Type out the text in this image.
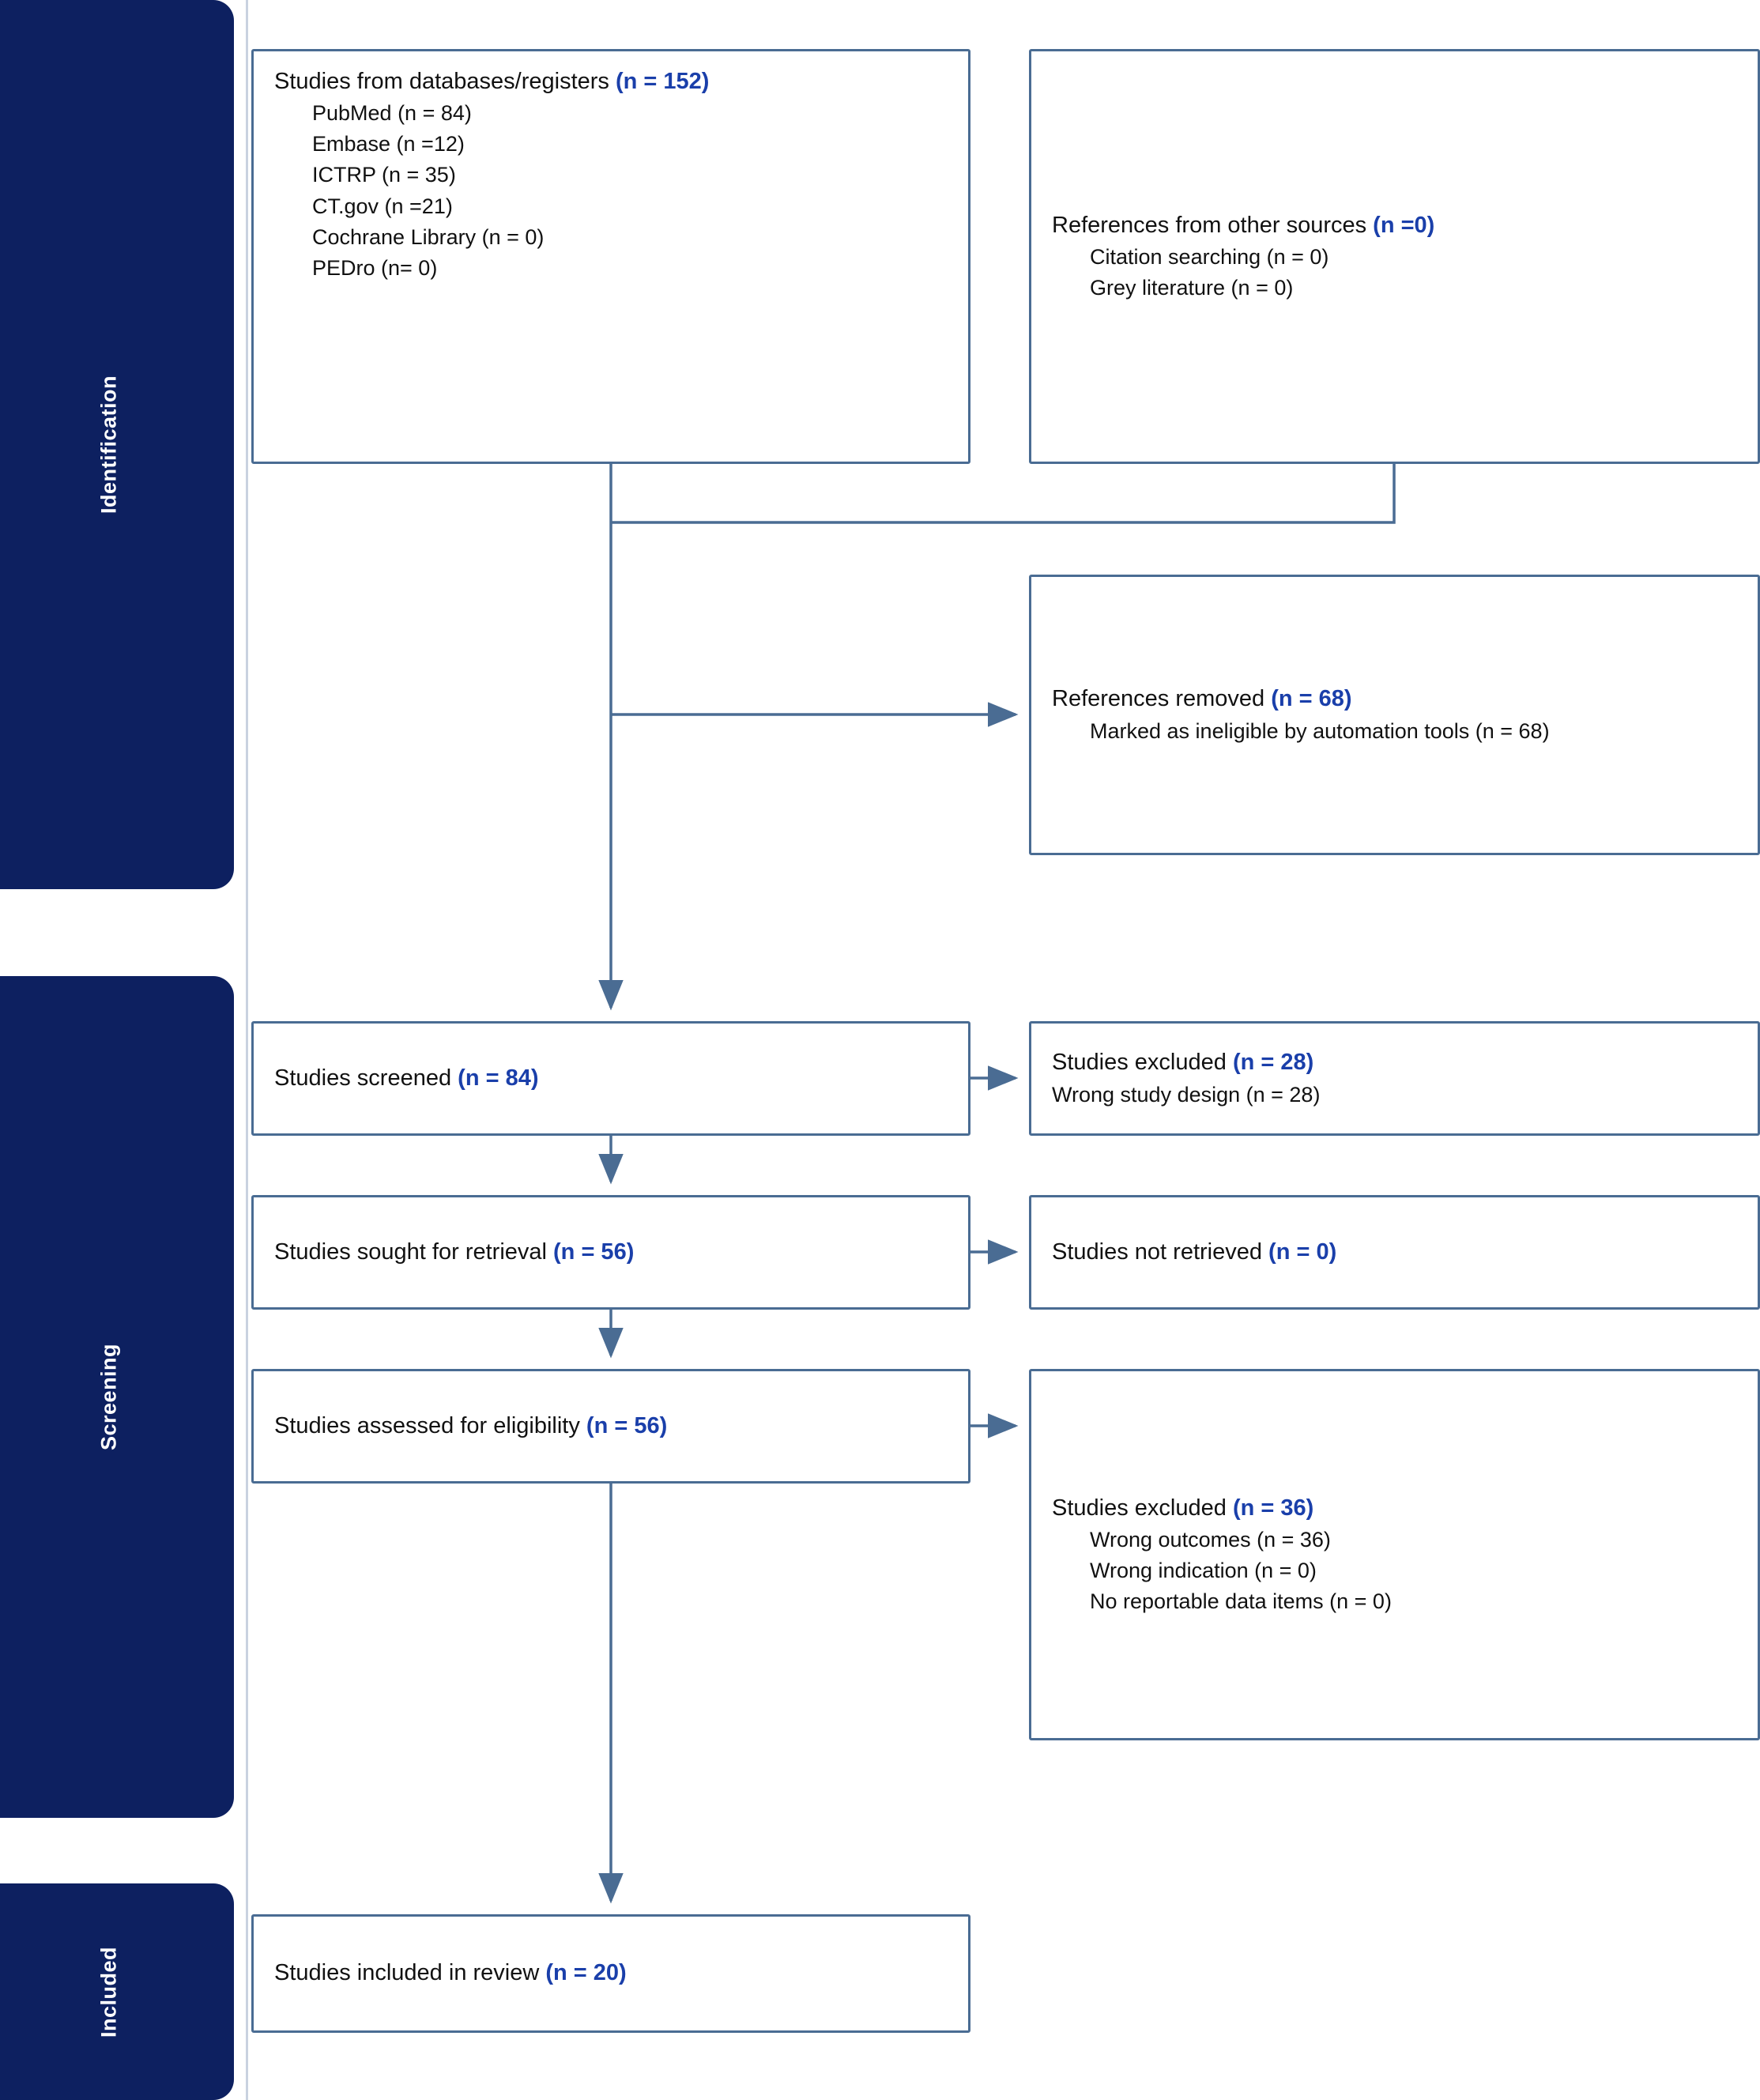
Identification
Screening
Included
Studies from databases/registers (n = 152)
PubMed (n = 84)
Embase (n =12)
ICTRP (n = 35)
CT.gov (n =21)
Cochrane Library (n = 0)
PEDro (n= 0)
References from other sources (n =0)
Citation searching (n = 0)
Grey literature (n = 0)
References removed (n = 68)
Marked as ineligible by automation tools (n = 68)
Studies screened (n = 84)
Studies excluded (n = 28)
Wrong study design (n = 28)
Studies sought for retrieval (n = 56)	Studies not retrieved (n = 0)
Studies assessed for eligibility (n = 56)
Studies excluded (n = 36)
Wrong outcomes (n = 36)
Wrong indication (n = 0)
No reportable data items (n = 0)
Studies included in review (n = 20)
